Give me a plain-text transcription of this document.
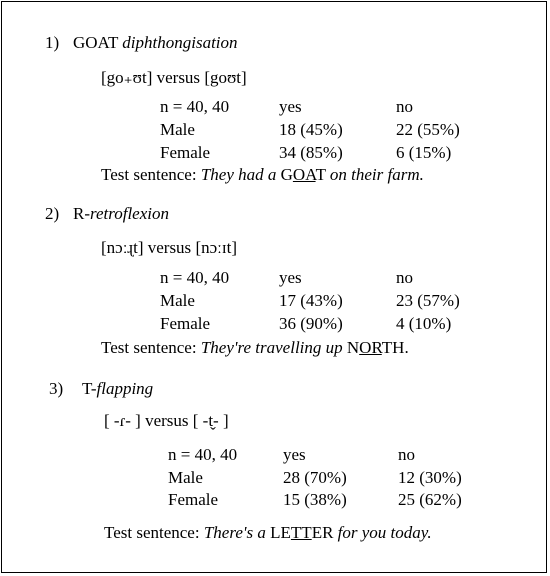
1) GOAT diphthongisation
[go₊ʊt] versus [goʊt]
n = 40, 40	yes	no
Male	18 (45%)	22 (55%)
Female	34 (85%)	6 (15%)
Test sentence: They had a GOAT on their farm.
2) R-retroflexion
[nɔːɻt] versus [nɔːɪt]
n = 40, 40	yes	no
Male	17 (43%)	23 (57%)
Female	36 (90%)	4 (10%)
Test sentence: They're travelling up NORTH.
3) T-flapping
[ -ɾ- ] versus [ -t̬- ]
n = 40, 40	yes	no
Male	28 (70%)	12 (30%)
Female	15 (38%)	25 (62%)
Test sentence: There's a LETTER for you today.
